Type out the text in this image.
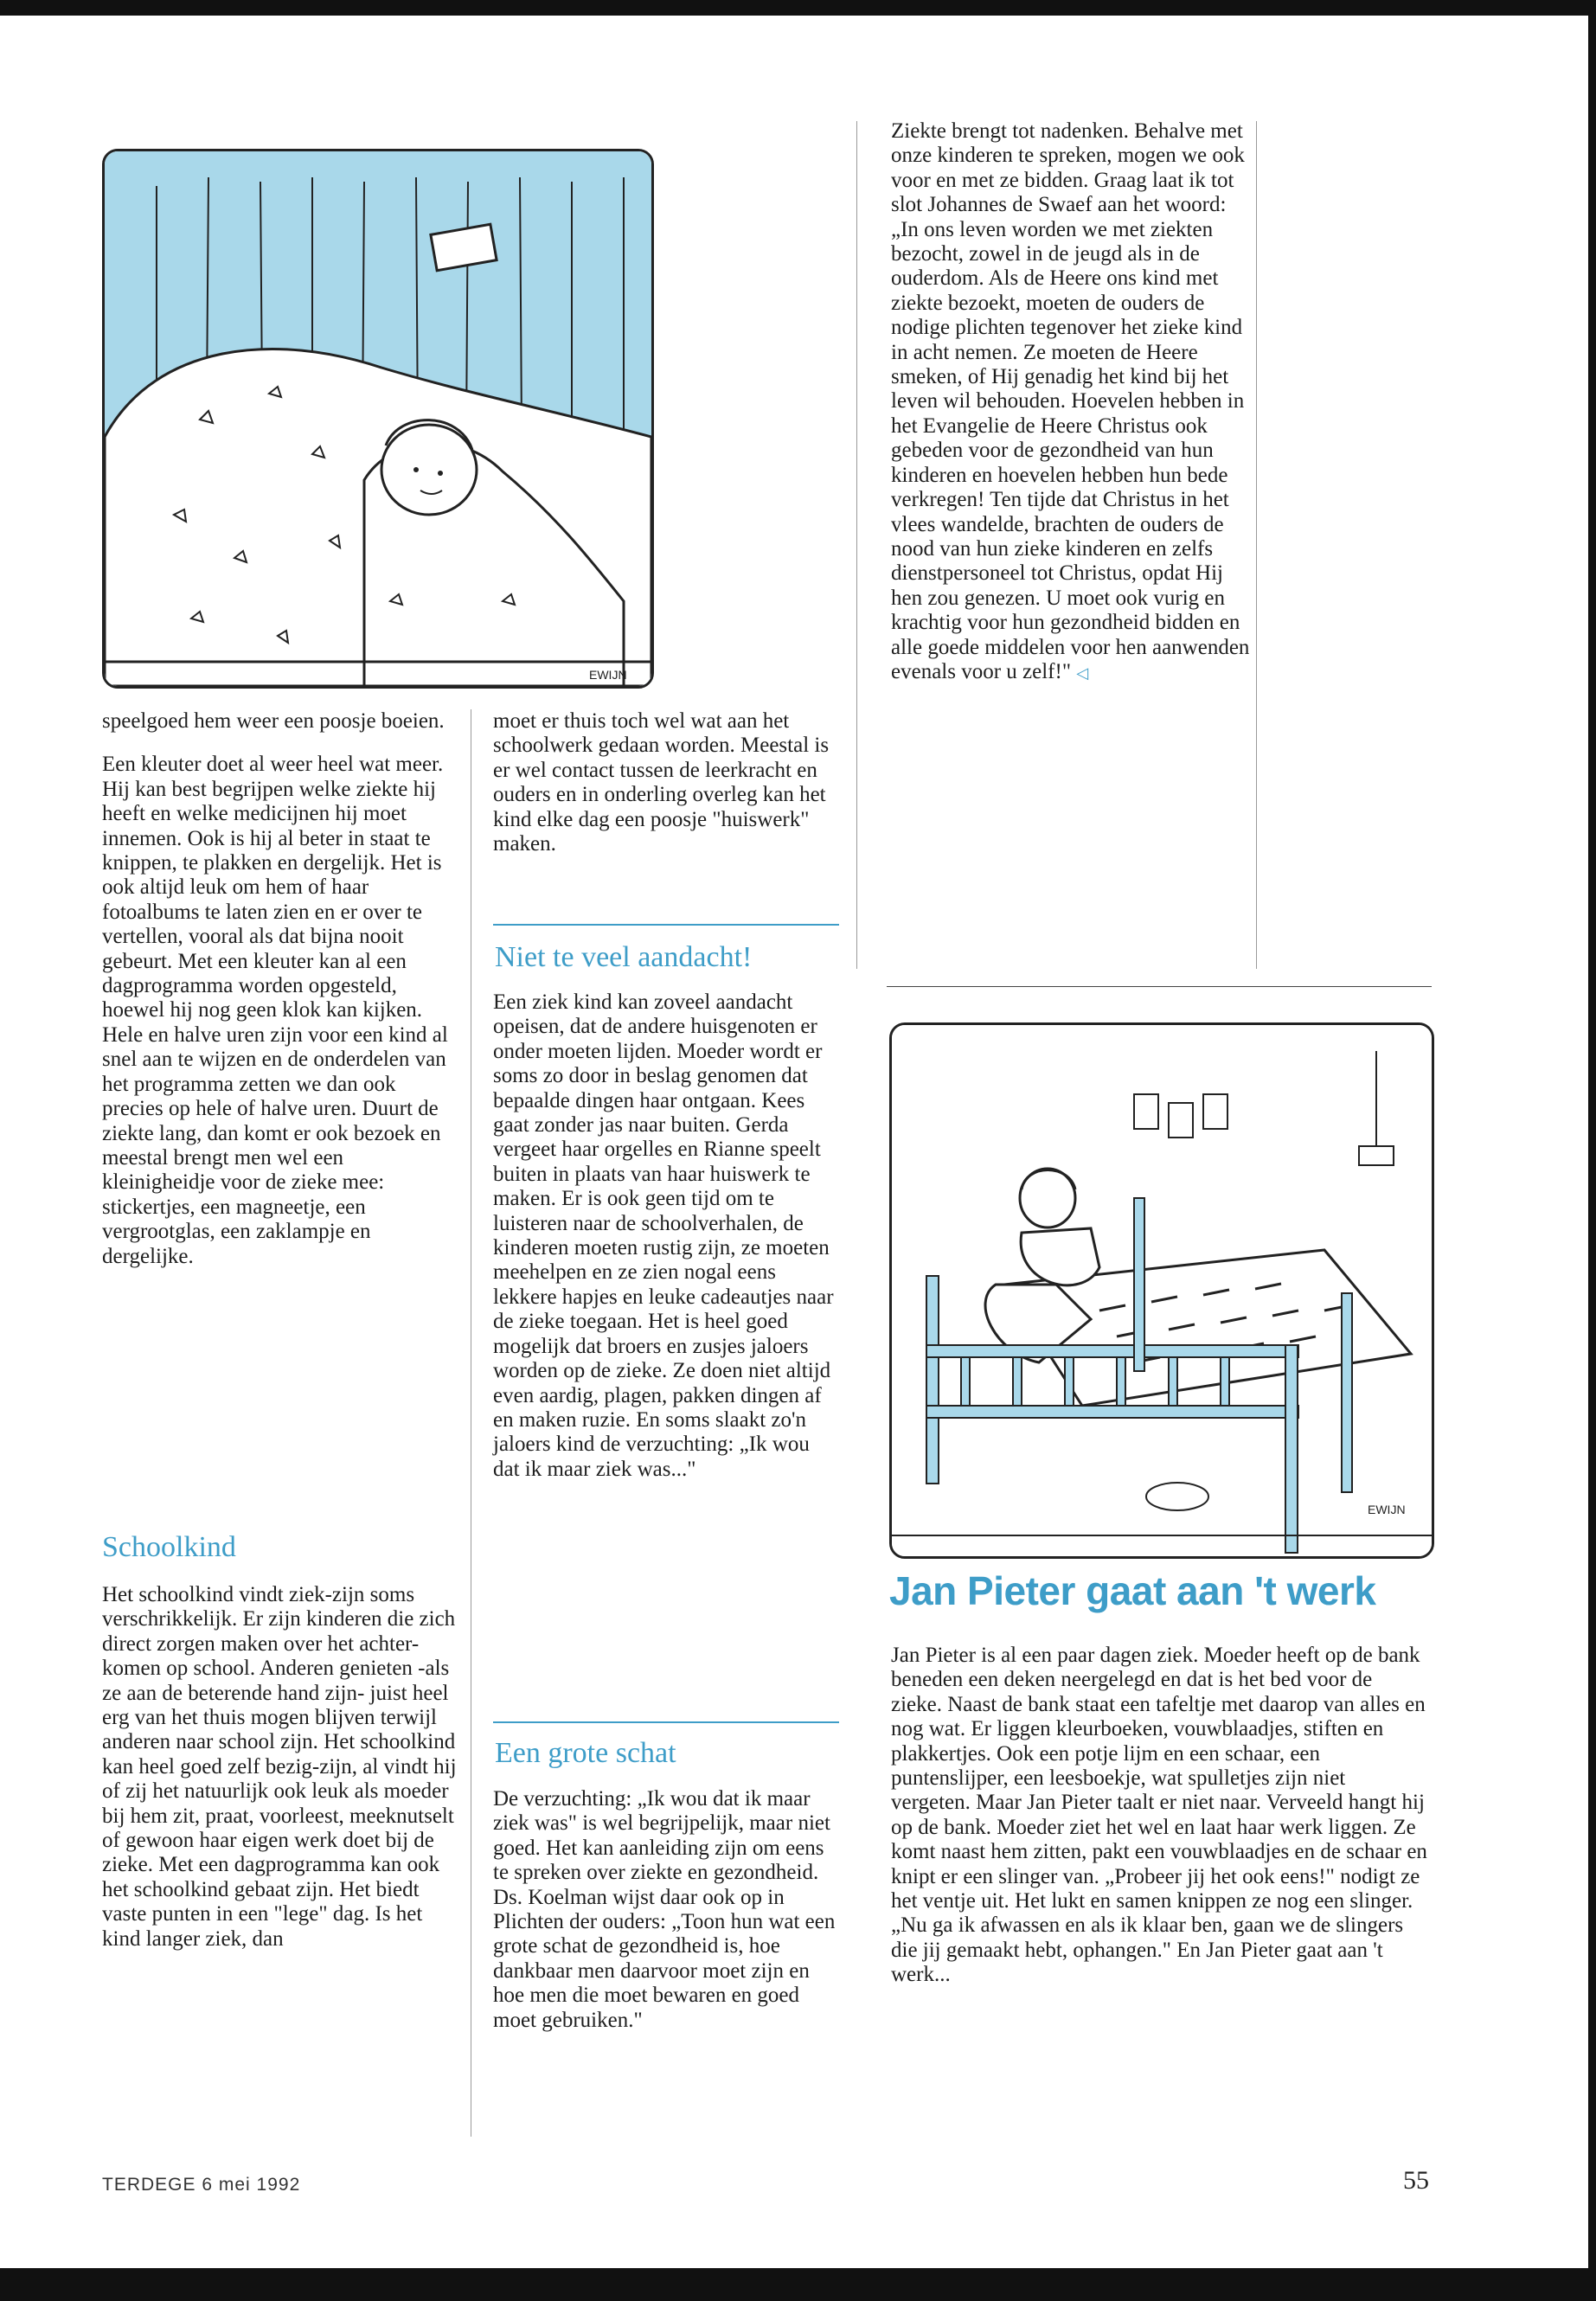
EWIJN

speelgoed hem weer een poosje boeien.

Een kleuter doet al weer heel wat meer. Hij kan best begrijpen welke ziekte hij heeft en welke medicijnen hij moet innemen. Ook is hij al beter in staat te knippen, te plakken en dergelijk. Het is ook altijd leuk om hem of haar fotoalbums te laten zien en er over te vertellen, vooral als dat bijna nooit gebeurt. Met een kleuter kan al een dagprogramma worden opgesteld, hoewel hij nog geen klok kan kijken. Hele en halve uren zijn voor een kind al snel aan te wijzen en de onderdelen van het programma zetten we dan ook precies op hele of halve uren. Duurt de ziekte lang, dan komt er ook bezoek en meestal brengt men wel een kleinigheidje voor de zieke mee: stickertjes, een magneetje, een vergrootglas, een zaklampje en dergelijke.

Schoolkind

Het schoolkind vindt ziek-zijn soms verschrikkelijk. Er zijn kinderen die zich direct zorgen maken over het achter-komen op school. Anderen genieten -als ze aan de beterende hand zijn- juist heel erg van het thuis mogen blijven terwijl anderen naar school zijn. Het schoolkind kan heel goed zelf bezig-zijn, al vindt hij of zij het natuurlijk ook leuk als moeder bij hem zit, praat, voorleest, meeknutselt of gewoon haar eigen werk doet bij de zieke. Met een dagprogramma kan ook het schoolkind gebaat zijn. Het biedt vaste punten in een "lege" dag. Is het kind langer ziek, dan

moet er thuis toch wel wat aan het schoolwerk gedaan worden. Meestal is er wel contact tussen de leerkracht en ouders en in onderling overleg kan het kind elke dag een poosje "huiswerk" maken.

Niet te veel aandacht!

Een ziek kind kan zoveel aandacht opeisen, dat de andere huisgenoten er onder moeten lijden. Moeder wordt er soms zo door in beslag genomen dat bepaalde dingen haar ontgaan. Kees gaat zonder jas naar buiten. Gerda vergeet haar orgelles en Rianne speelt buiten in plaats van haar huiswerk te maken. Er is ook geen tijd om te luisteren naar de schoolverhalen, de kinderen moeten rustig zijn, ze moeten meehelpen en ze zien nogal eens lekkere hapjes en leuke cadeautjes naar de zieke toegaan. Het is heel goed mogelijk dat broers en zusjes jaloers worden op de zieke. Ze doen niet altijd even aardig, plagen, pakken dingen af en maken ruzie. En soms slaakt zo'n jaloers kind de verzuchting: „Ik wou dat ik maar ziek was..."

Een grote schat

De verzuchting: „Ik wou dat ik maar ziek was" is wel begrijpelijk, maar niet goed. Het kan aanleiding zijn om eens te spreken over ziekte en gezondheid. Ds. Koelman wijst daar ook op in Plichten der ouders: „Toon hun wat een grote schat de gezondheid is, hoe dankbaar men daarvoor moet zijn en hoe men die moet bewaren en goed moet gebruiken."

Ziekte brengt tot nadenken. Behalve met onze kinderen te spreken, mogen we ook voor en met ze bidden. Graag laat ik tot slot Johannes de Swaef aan het woord: „In ons leven worden we met ziekten bezocht, zowel in de jeugd als in de ouderdom. Als de Heere ons kind met ziekte bezoekt, moeten de ouders de nodige plichten tegenover het zieke kind in acht nemen. Ze moeten de Heere smeken, of Hij genadig het kind bij het leven wil behouden. Hoevelen hebben in het Evangelie de Heere Christus ook gebeden voor de gezondheid van hun kinderen en hoevelen hebben hun bede verkregen! Ten tijde dat Christus in het vlees wandelde, brachten de ouders de nood van hun zieke kinderen en zelfs dienstpersoneel tot Christus, opdat Hij hen zou genezen. U moet ook vurig en krachtig voor hun gezondheid bidden en alle goede middelen voor hen aanwenden evenals voor u zelf!" ◁

EWIJN
Jan Pieter gaat aan 't werk

Jan Pieter is al een paar dagen ziek. Moeder heeft op de bank beneden een deken neergelegd en dat is het bed voor de zieke. Naast de bank staat een tafeltje met daarop van alles en nog wat. Er liggen kleurboeken, vouwblaadjes, stiften en plakkertjes. Ook een potje lijm en een schaar, een puntenslijper, een leesboekje, wat spulletjes zijn niet vergeten. Maar Jan Pieter taalt er niet naar. Verveeld hangt hij op de bank. Moeder ziet het wel en laat haar werk liggen. Ze komt naast hem zitten, pakt een vouwblaadjes en de schaar en knipt er een slinger van. „Probeer jij het ook eens!" nodigt ze het ventje uit. Het lukt en samen knippen ze nog een slinger. „Nu ga ik afwassen en als ik klaar ben, gaan we de slingers die jij gemaakt hebt, ophangen." En Jan Pieter gaat aan 't werk...

TERDEGE 6 mei 1992	55
